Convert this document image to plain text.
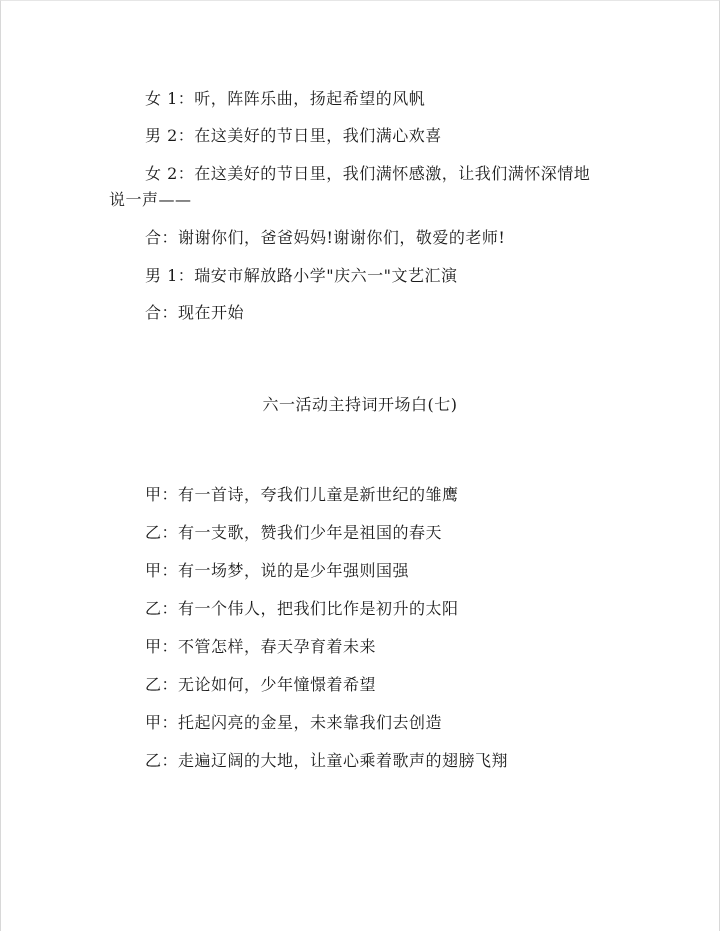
女 1：听，阵阵乐曲，扬起希望的风帆
男 2：在这美好的节日里，我们满心欢喜
女 2：在这美好的节日里，我们满怀感激，让我们满怀深情地
说一声——
合：谢谢你们，爸爸妈妈!谢谢你们，敬爱的老师!
男 1：瑞安市解放路小学"庆六一"文艺汇演
合：现在开始
六一活动主持词开场白(七)
甲：有一首诗，夸我们儿童是新世纪的雏鹰
乙：有一支歌，赞我们少年是祖国的春天
甲：有一场梦，说的是少年强则国强
乙：有一个伟人，把我们比作是初升的太阳
甲：不管怎样，春天孕育着未来
乙：无论如何，少年憧憬着希望
甲：托起闪亮的金星，未来靠我们去创造
乙：走遍辽阔的大地，让童心乘着歌声的翅膀飞翔
